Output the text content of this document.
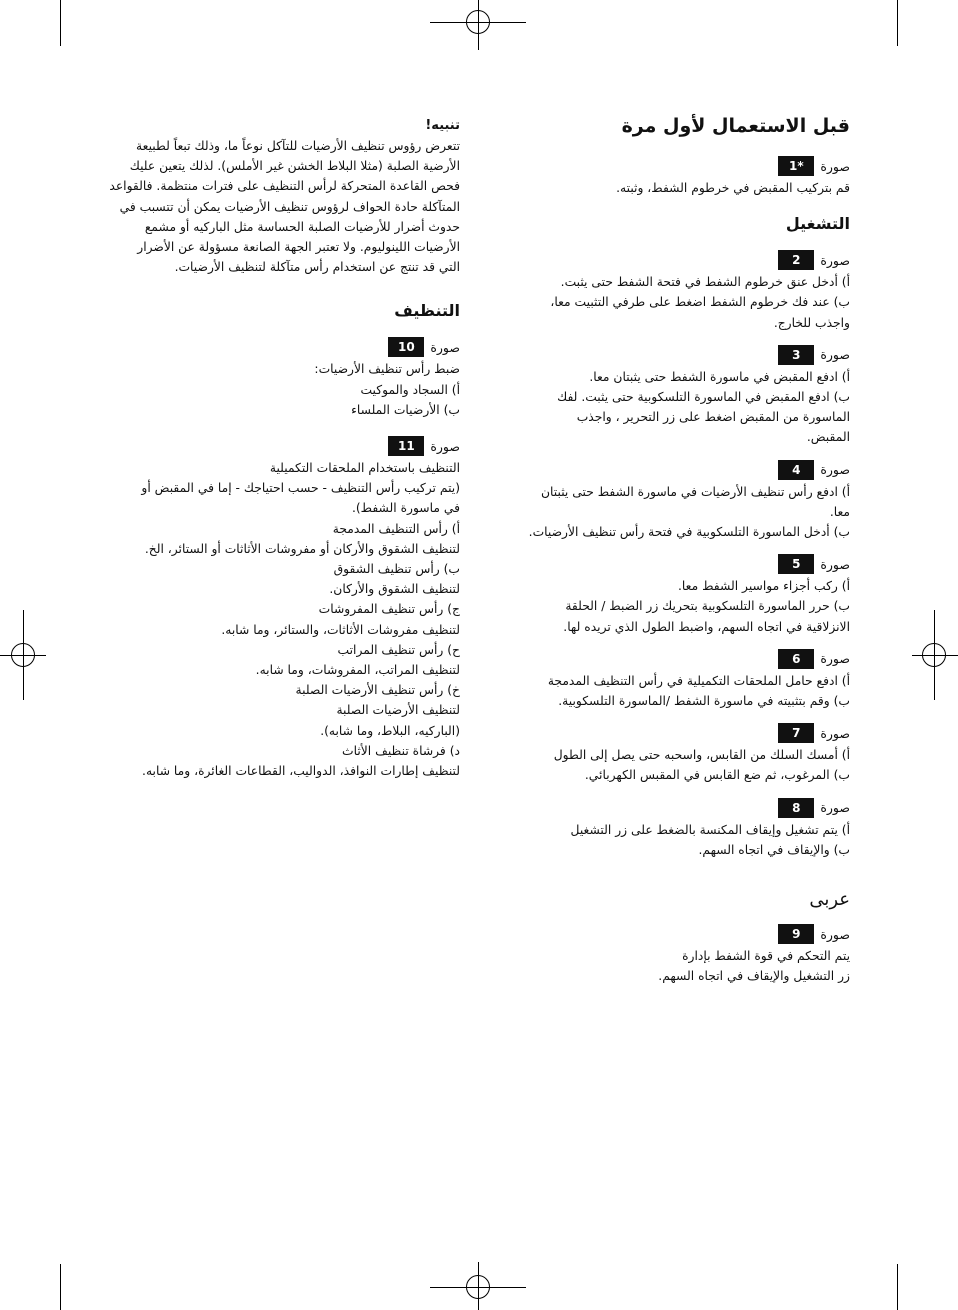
قبل الاستعمال لأول مرة
صورة
*1
قم بتركيب المقبض في خرطوم الشفط، وثبته.
التشغيل
صورة
2
أ) أدخل عنق خرطوم الشفط في فتحة الشفط حتى يثبت.
ب) عند فك خرطوم الشفط اضغط على طرفي التثبيت معا،
واجذب للخارج.
صورة
3
أ) ادفع المقبض في ماسورة الشفط حتى يثبتان معا.
ب) ادفع المقبض في الماسورة التلسكوبية حتى يثبت. لفك
الماسورة من المقبض اضغط على زر التحرير ، واجذب
المقبض.
صورة
4
أ) ادفع رأس تنظيف الأرضيات في ماسورة الشفط حتى يثبتان
معا.
ب) أدخل الماسورة التلسكوبية في فتحة رأس تنظيف الأرضيات.
صورة
5
أ) ركب أجزاء مواسير الشفط معا.
ب) حرر الماسورة التلسكوبية بتحريك زر الضبط / الحلقة
الانزلاقية في اتجاه السهم، واضبط الطول الذي تريده لها.
صورة
6
أ) ادفع حامل الملحقات التكميلية في رأس التنظيف المدمجة
ب) وقم بتثبيته في ماسورة الشفط /الماسورة التلسكوبية.
صورة
7
أ) أمسك السلك من القابس، واسحبه حتى يصل إلى الطول
ب) المرغوب، ثم ضع القابس في المقبس الكهربائي.
صورة
8
أ) يتم تشغيل وإيقاف المكنسة بالضغط على زر التشغيل
ب) والإيقاف في اتجاه السهم.
عربى
صورة
9
يتم التحكم في قوة الشفط بإدارة
زر التشغيل والإيقاف في اتجاه السهم.
تنبيه!
تتعرض رؤوس تنظيف الأرضيات للتآكل نوعاً ما، وذلك تبعاً لطبيعة
الأرضية الصلبة (مثلا البلاط الخشن غير الأملس). لذلك يتعين عليك
فحص القاعدة المتحركة لرأس التنظيف على فترات منتظمة. فالقواعد
المتآكلة حادة الحواف لرؤوس تنظيف الأرضيات يمكن أن تتسبب في
حدوث أضرار للأرضيات الصلبة الحساسة مثل الباركيه أو مشمع
الأرضيات اللينوليوم. ولا تعتبر الجهة الصانعة مسؤولة عن الأضرار
التي قد تنتج عن استخدام رأس متآكلة لتنظيف الأرضيات.
التنظيف
صورة
10
ضبط رأس تنظيف الأرضيات:
أ) السجاد والموكيت
ب) الأرضيات الملساء
صورة
11
التنظيف باستخدام الملحقات التكميلية
(يتم تركيب رأس التنظيف - حسب احتياجك - إما في المقبض أو
في ماسورة الشفط).
أ) رأس التنظيف المدمجة
لتنظيف الشقوق والأركان أو مفروشات الأثاثات أو الستائر، الخ.
ب) رأس تنظيف الشقوق
لتنظيف الشقوق والأركان.
ج) رأس تنظيف المفروشات
لتنظيف مفروشات الأثاثات، والستائر، وما شابه.
ح) رأس تنظيف المراتب
لتنظيف المراتب، المفروشات، وما شابه.
خ) رأس تنظيف الأرضيات الصلبة
لتنظيف الأرضيات الصلبة
(الباركيه، البلاط، وما شابه).
د) فرشاة تنظيف الأثاث
لتنظيف إطارات النوافذ، الدواليب، القطاعات الغائرة، وما شابه.
